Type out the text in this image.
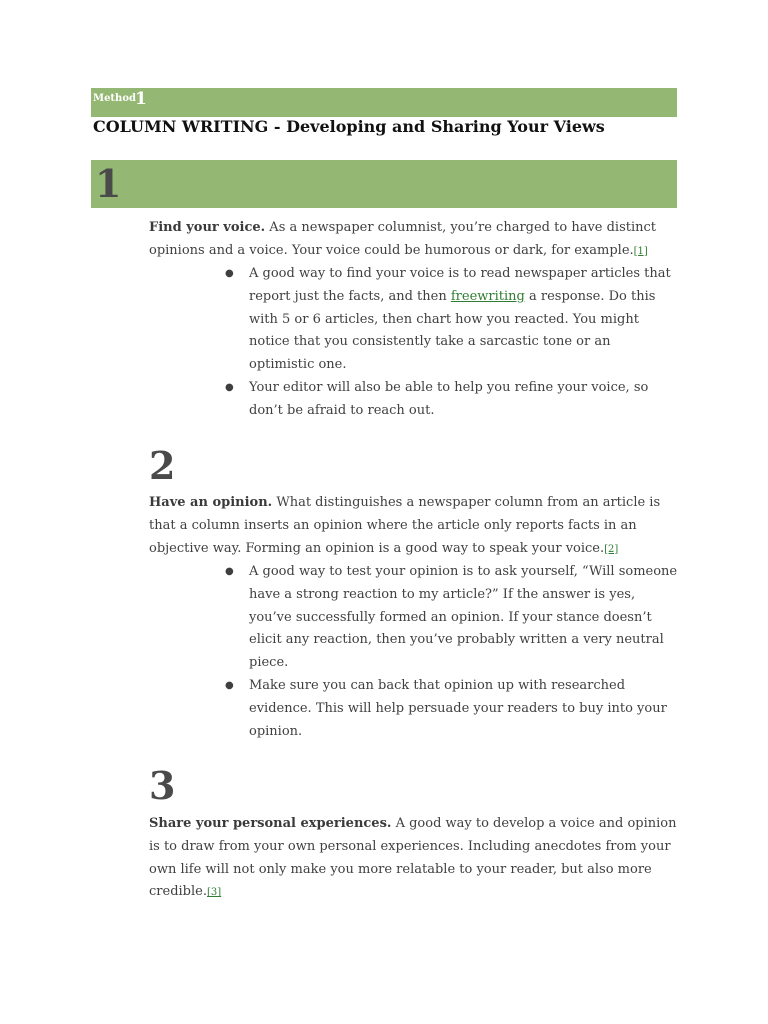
Method 1
COLUMN WRITING - Developing and Sharing Your Views
1
Find your voice. As a newspaper columnist, you’re charged to have distinct opinions and a voice. Your voice could be humorous or dark, for example.[1]
● A good way to find your voice is to read newspaper articles that report just the facts, and then freewriting a response. Do this with 5 or 6 articles, then chart how you reacted. You might notice that you consistently take a sarcastic tone or an optimistic one.
● Your editor will also be able to help you refine your voice, so don’t be afraid to reach out.
2
Have an opinion. What distinguishes a newspaper column from an article is that a column inserts an opinion where the article only reports facts in an objective way. Forming an opinion is a good way to speak your voice.[2]
● A good way to test your opinion is to ask yourself, “Will someone have a strong reaction to my article?” If the answer is yes, you’ve successfully formed an opinion. If your stance doesn’t elicit any reaction, then you’ve probably written a very neutral piece.
● Make sure you can back that opinion up with researched evidence. This will help persuade your readers to buy into your opinion.
3
Share your personal experiences. A good way to develop a voice and opinion is to draw from your own personal experiences. Including anecdotes from your own life will not only make you more relatable to your reader, but also more credible.[3]
